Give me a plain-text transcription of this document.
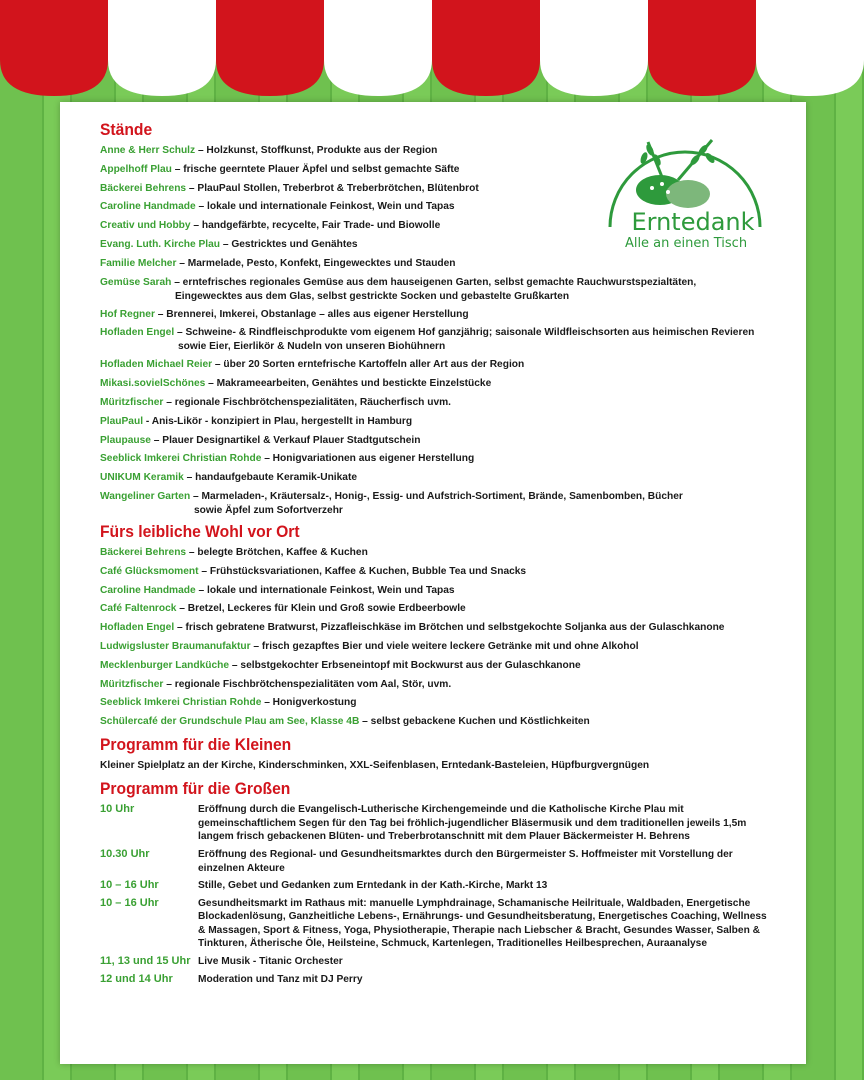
Erntedank
Alle an einen Tisch
Stände
Anne & Herr Schulz – Holzkunst, Stoffkunst, Produkte aus der Region
Appelhoff Plau – frische geerntete Plauer Äpfel und selbst gemachte Säfte
Bäckerei Behrens – PlauPaul Stollen, Treberbrot & Treberbrötchen, Blütenbrot
Caroline Handmade – lokale und internationale Feinkost, Wein und Tapas
Creativ und Hobby – handgefärbte, recycelte, Fair Trade- und Biowolle
Evang. Luth. Kirche Plau – Gestricktes und Genähtes
Familie Melcher – Marmelade, Pesto, Konfekt, Eingewecktes und Stauden
Gemüse Sarah – erntefrisches regionales Gemüse aus dem hauseigenen Garten, selbst gemachte Rauchwurstspezialtäten,
Eingewecktes aus dem Glas, selbst gestrickte Socken und gebastelte Grußkarten
Hof Regner – Brennerei, Imkerei, Obstanlage – alles aus eigener Herstellung
Hofladen Engel – Schweine- & Rindfleischprodukte vom eigenem Hof ganzjährig; saisonale Wildfleischsorten aus heimischen Revieren
sowie Eier, Eierlikör & Nudeln von unseren Biohühnern
Hofladen Michael Reier – über 20 Sorten erntefrische Kartoffeln aller Art aus der Region
Mikasi.sovielSchönes – Makrameearbeiten, Genähtes und bestickte Einzelstücke
Müritzfischer – regionale Fischbrötchenspezialitäten, Räucherfisch uvm.
PlauPaul - Anis-Likör - konzipiert in Plau, hergestellt in Hamburg
Plaupause – Plauer Designartikel & Verkauf Plauer Stadtgutschein
Seeblick Imkerei Christian Rohde – Honigvariationen aus eigener Herstellung
UNIKUM Keramik – handaufgebaute Keramik-Unikate
Wangeliner Garten – Marmeladen-, Kräutersalz-, Honig-, Essig- und Aufstrich-Sortiment, Brände, Samenbomben, Bücher
sowie Äpfel zum Sofortverzehr
Fürs leibliche Wohl vor Ort
Bäckerei Behrens – belegte Brötchen, Kaffee & Kuchen
Café Glücksmoment – Frühstücksvariationen, Kaffee & Kuchen, Bubble Tea und Snacks
Caroline Handmade – lokale und internationale Feinkost, Wein und Tapas
Café Faltenrock – Bretzel, Leckeres für Klein und Groß sowie Erdbeerbowle
Hofladen Engel – frisch gebratene Bratwurst, Pizzafleischkäse im Brötchen und selbstgekochte Soljanka aus der Gulaschkanone
Ludwigsluster Braumanufaktur – frisch gezapftes Bier und viele weitere leckere Getränke mit und ohne Alkohol
Mecklenburger Landküche – selbstgekochter Erbseneintopf mit Bockwurst aus der Gulaschkanone
Müritzfischer – regionale Fischbrötchenspezialitäten vom Aal, Stör, uvm.
Seeblick Imkerei Christian Rohde – Honigverkostung
Schülercafé der Grundschule Plau am See, Klasse 4B – selbst gebackene Kuchen und Köstlichkeiten
Programm für die Kleinen
Kleiner Spielplatz an der Kirche, Kinderschminken, XXL-Seifenblasen, Erntedank-Basteleien, Hüpfburgvergnügen
Programm für die Großen
10 Uhr	Eröffnung durch die Evangelisch-Lutherische Kirchengemeinde und die Katholische Kirche Plau mit gemeinschaftlichem Segen für den Tag bei fröhlich-jugendlicher Bläsermusik und dem traditionellen jeweils 1,5m langem frisch gebackenen Blüten- und Treberbrotanschnitt mit dem Plauer Bäckermeister H. Behrens
10.30 Uhr	Eröffnung des Regional- und Gesundheitsmarktes durch den Bürgermeister S. Hoffmeister mit Vorstellung der einzelnen Akteure
10 – 16 Uhr	Stille, Gebet und Gedanken zum Erntedank in der Kath.-Kirche, Markt 13
10 – 16 Uhr	Gesundheitsmarkt im Rathaus mit: manuelle Lymphdrainage, Schamanische Heilrituale, Waldbaden, Energetische Blockadenlösung, Ganzheitliche Lebens-, Ernährungs- und Gesundheitsberatung, Energetisches Coaching, Wellness & Massagen, Sport & Fitness, Yoga, Physiotherapie, Therapie nach Liebscher & Bracht, Gesundes Wasser, Salben & Tinkturen, Ätherische Öle, Heilsteine, Schmuck, Kartenlegen, Traditionelles Heilbesprechen, Auraanalyse
11, 13 und 15 Uhr Live Musik - Titanic Orchester
12 und 14 Uhr	Moderation und Tanz mit DJ Perry
